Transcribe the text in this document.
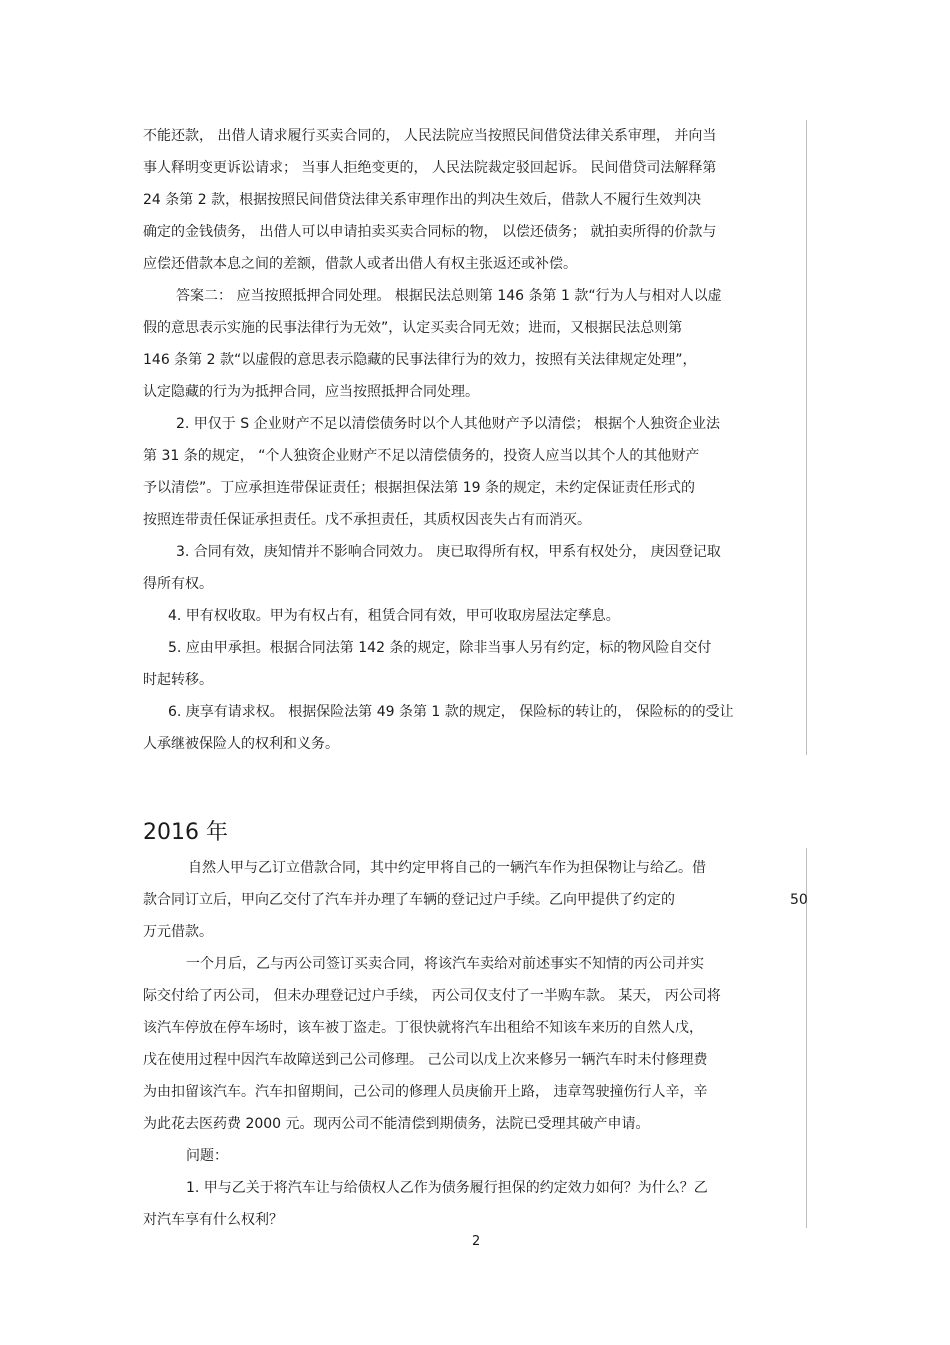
不能还款， 出借人请求履行买卖合同的， 人民法院应当按照民间借贷法律关系审理， 并向当
事人释明变更诉讼请求； 当事人拒绝变更的， 人民法院裁定驳回起诉。 民间借贷司法解释第
24 条第 2 款，根据按照民间借贷法律关系审理作出的判决生效后，借款人不履行生效判决
确定的金钱债务， 出借人可以申请拍卖买卖合同标的物， 以偿还债务； 就拍卖所得的价款与
应偿还借款本息之间的差额，借款人或者出借人有权主张返还或补偿。
答案二： 应当按照抵押合同处理。 根据民法总则第 146 条第 1 款“行为人与相对人以虚
假的意思表示实施的民事法律行为无效”，认定买卖合同无效；进而，又根据民法总则第
146 条第 2 款“以虚假的意思表示隐藏的民事法律行为的效力，按照有关法律规定处理”，
认定隐藏的行为为抵押合同，应当按照抵押合同处理。
2. 甲仅于 S 企业财产不足以清偿债务时以个人其他财产予以清偿； 根据个人独资企业法
第 31 条的规定， “个人独资企业财产不足以清偿债务的，投资人应当以其个人的其他财产
予以清偿”。丁应承担连带保证责任；根据担保法第 19 条的规定，未约定保证责任形式的
按照连带责任保证承担责任。戊不承担责任，其质权因丧失占有而消灭。
3. 合同有效，庚知情并不影响合同效力。 庚已取得所有权，甲系有权处分， 庚因登记取
得所有权。
4. 甲有权收取。甲为有权占有，租赁合同有效，甲可收取房屋法定孳息。
5. 应由甲承担。根据合同法第 142 条的规定，除非当事人另有约定，标的物风险自交付
时起转移。
6. 庚享有请求权。 根据保险法第 49 条第 1 款的规定， 保险标的转让的， 保险标的的受让
人承继被保险人的权利和义务。
2016 年
自然人甲与乙订立借款合同，其中约定甲将自己的一辆汽车作为担保物让与给乙。借
款合同订立后，甲向乙交付了汽车并办理了车辆的登记过户手续。乙向甲提供了约定的	50
万元借款。
一个月后，乙与丙公司签订买卖合同，将该汽车卖给对前述事实不知情的丙公司并实
际交付给了丙公司， 但未办理登记过户手续， 丙公司仅支付了一半购车款。 某天， 丙公司将
该汽车停放在停车场时，该车被丁盗走。丁很快就将汽车出租给不知该车来历的自然人戊，
戊在使用过程中因汽车故障送到己公司修理。 己公司以戊上次来修另一辆汽车时未付修理费
为由扣留该汽车。汽车扣留期间，己公司的修理人员庚偷开上路， 违章驾驶撞伤行人辛，辛
为此花去医药费 2000 元。现丙公司不能清偿到期债务，法院已受理其破产申请。
问题：
1. 甲与乙关于将汽车让与给债权人乙作为债务履行担保的约定效力如何？为什么？乙
对汽车享有什么权利？
2
